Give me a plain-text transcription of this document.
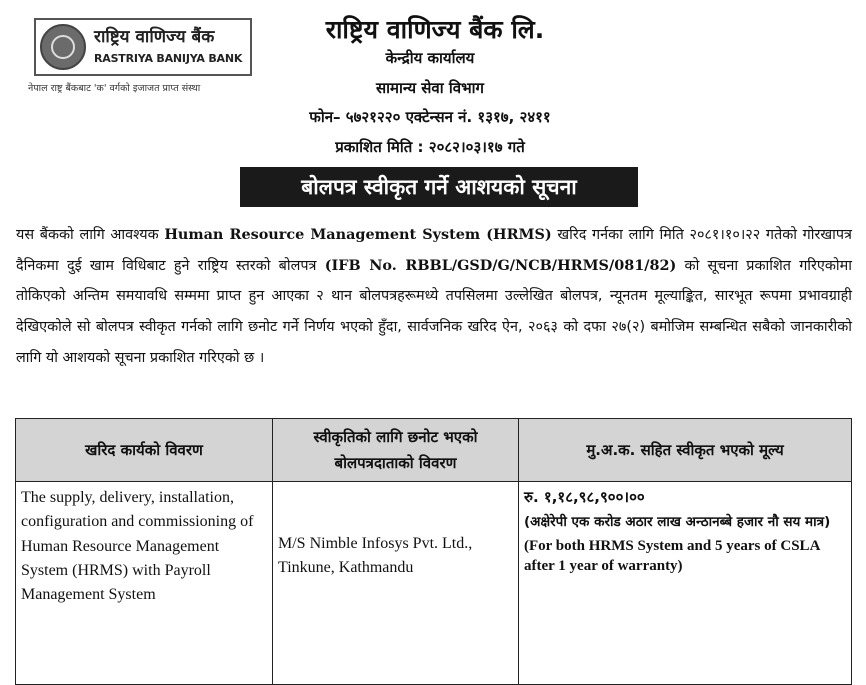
राष्ट्रिय वाणिज्य बैंक
RASTRIYA BANIJYA BANK
नेपाल राष्ट्र बैंकबाट 'क' वर्गको इजाजत प्राप्त संस्था
राष्ट्रिय वाणिज्य बैंक लि.
केन्द्रीय कार्यालय
सामान्य सेवा विभाग
फोन– ५७२१२२० एक्टेन्सन नं. १३१७, २४११
प्रकाशित मिति : २०८२।०३।१७ गते
बोलपत्र स्वीकृत गर्ने आशयको सूचना
यस बैंकको लागि आवश्यक Human Resource Management System (HRMS) खरिद गर्नका लागि मिति २०८१।१०।२२ गतेको गोरखापत्र दैनिकमा दुई खाम विधिबाट हुने राष्ट्रिय स्तरको बोलपत्र (IFB No. RBBL/GSD/G/NCB/HRMS/081/82) को सूचना प्रकाशित गरिएकोमा तोकिएको अन्तिम समयावधि सम्ममा प्राप्त हुन आएका २ थान बोलपत्रहरूमध्ये तपसिलमा उल्लेखित बोलपत्र, न्यूनतम मूल्याङ्कित, सारभूत रूपमा प्रभावग्राही देखिएकोले सो बोलपत्र स्वीकृत गर्नको लागि छनोट गर्ने निर्णय भएको हुँदा, सार्वजनिक खरिद ऐन, २०६३ को दफा २७(२) बमोजिम सम्बन्धित सबैको जानकारीको लागि यो आशयको सूचना प्रकाशित गरिएको छ ।
खरिद कार्यको विवरण	स्वीकृतिको लागि छनोट भएको बोलपत्रदाताको विवरण	मु.अ.क. सहित स्वीकृत भएको मूल्य
The supply, delivery, installation, configuration and commissioning of Human Resource Management System (HRMS) with Payroll Management System	M/S Nimble Infosys Pvt. Ltd., Tinkune, Kathmandu	रु. १,१८,९८,९००।००
(अक्षेरेपी एक करोड अठार लाख अन्ठानब्बे हजार नौ सय मात्र)
(For both HRMS System and 5 years of CSLA after 1 year of warranty)
